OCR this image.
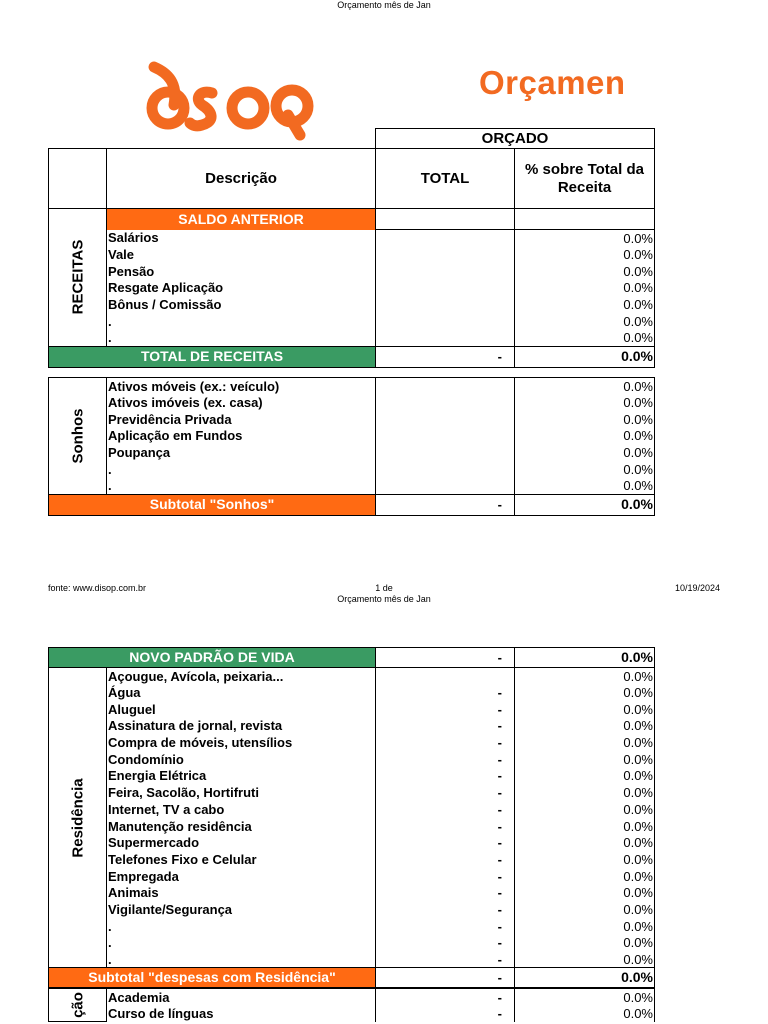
Orçamento mês de Jan
Orçamen
		ORÇADO	
	Descrição	TOTAL	% sobre Total da Receita
RECEITAS	SALDO ANTERIOR		
	Salários		0.0%
	Vale		0.0%
	Pensão		0.0%
	Resgate Aplicação		0.0%
	Bônus / Comissão		0.0%
	.		0.0%
	.		0.0%
TOTAL DE RECEITAS		-	0.0%
Sonhos	Ativos móveis (ex.: veículo)		0.0%
	Ativos imóveis (ex. casa)		0.0%
	Previdência Privada		0.0%
	Aplicação em Fundos		0.0%
	Poupança		0.0%
	.		0.0%
	.		0.0%
Subtotal "Sonhos"		-	0.0%
fonte: www.disop.com.br	1 de	10/19/2024
Orçamento mês de Jan
NOVO PADRÃO DE VIDA	-	0.0%
Residência	Açougue, Avícola, peixaria...		0.0%
	Água	-	0.0%
	Aluguel	-	0.0%
	Assinatura de jornal, revista	-	0.0%
	Compra de móveis, utensílios	-	0.0%
	Condomínio	-	0.0%
	Energia Elétrica	-	0.0%
	Feira, Sacolão, Hortifruti	-	0.0%
	Internet, TV a cabo	-	0.0%
	Manutenção residência	-	0.0%
	Supermercado	-	0.0%
	Telefones Fixo e Celular	-	0.0%
	Empregada	-	0.0%
	Animais	-	0.0%
	Vigilante/Segurança	-	0.0%
	.	-	0.0%
	.	-	0.0%
	.	-	0.0%
Subtotal "despesas com Residência"		-	0.0%
ção	Academia	-	0.0%
	Curso de línguas	-	0.0%
